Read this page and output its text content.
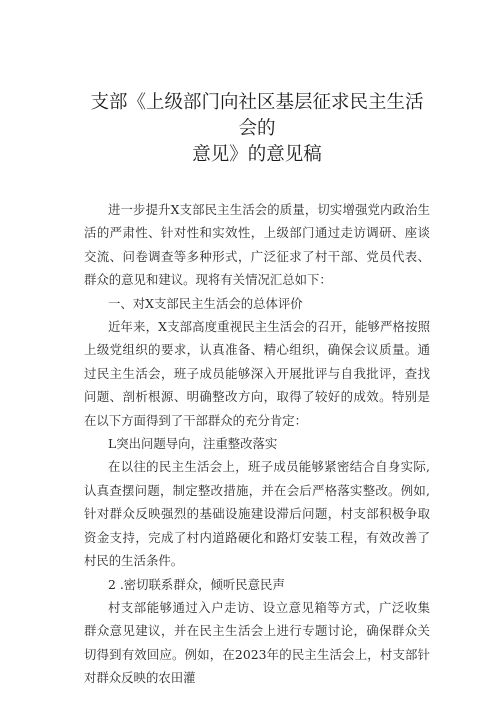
支部《上级部门向社区基层征求民主生活会的
意见》的意见稿

进一步提升X支部民主生活会的质量，切实增强党内政治生活的严肃性、针对性和实效性，上级部门通过走访调研、座谈交流、问卷调查等多种形式，广泛征求了村干部、党员代表、群众的意见和建议。现将有关情况汇总如下：

一、对X支部民主生活会的总体评价

近年来，X支部高度重视民主生活会的召开，能够严格按照上级党组织的要求，认真准备、精心组织，确保会议质量。通过民主生活会，班子成员能够深入开展批评与自我批评，查找问题、剖析根源、明确整改方向，取得了较好的成效。特别是在以下方面得到了干部群众的充分肯定：

L突出问题导向，注重整改落实

在以往的民主生活会上，班子成员能够紧密结合自身实际,认真查摆问题，制定整改措施，并在会后严格落实整改。例如,针对群众反映强烈的基础设施建设滞后问题，村支部积极争取资金支持，完成了村内道路硬化和路灯安装工程，有效改善了村民的生活条件。

2 .密切联系群众，倾听民意民声

村支部能够通过入户走访、设立意见箱等方式，广泛收集群众意见建议，并在民主生活会上进行专题讨论，确保群众关切得到有效回应。例如，在2023年的民主生活会上，村支部针对群众反映的农田灌
